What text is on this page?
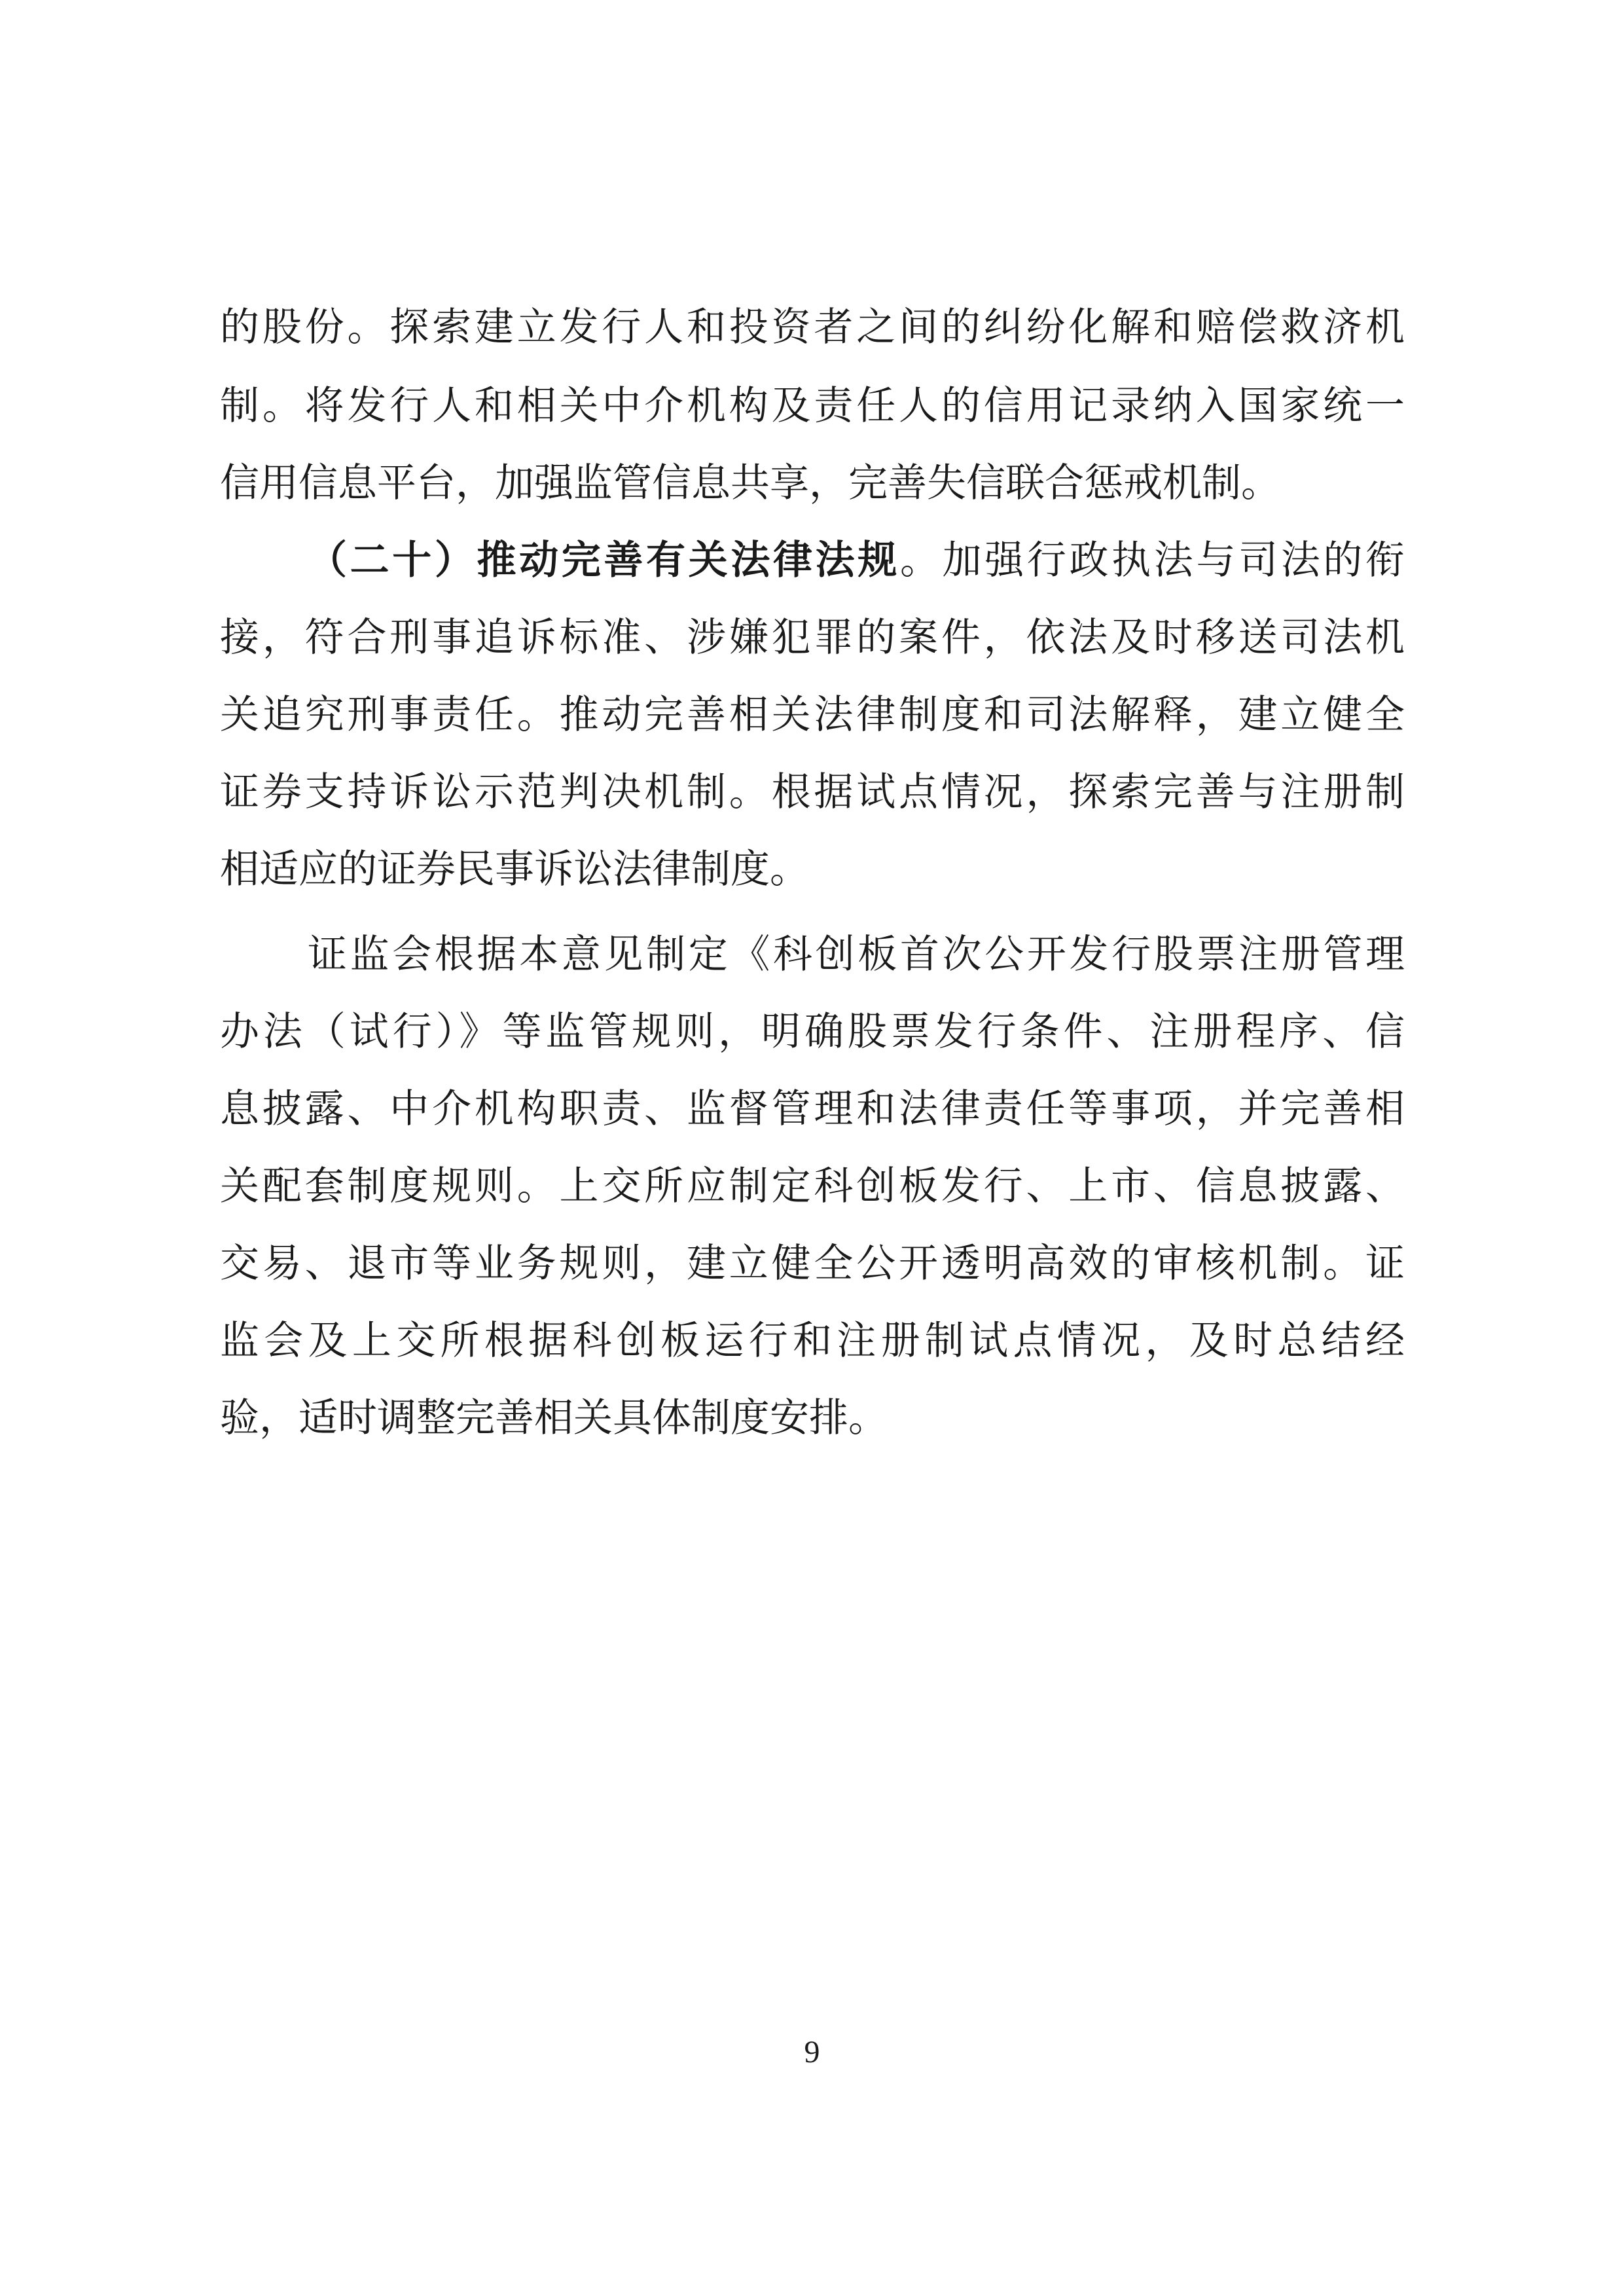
的股份。探索建立发行人和投资者之间的纠纷化解和赔偿救济机
制。将发行人和相关中介机构及责任人的信用记录纳入国家统一
信用信息平台，加强监管信息共享，完善失信联合惩戒机制。
（二十）推动完善有关法律法规。加强行政执法与司法的衔
接，符合刑事追诉标准、涉嫌犯罪的案件，依法及时移送司法机
关追究刑事责任。推动完善相关法律制度和司法解释，建立健全
证券支持诉讼示范判决机制。根据试点情况，探索完善与注册制
相适应的证券民事诉讼法律制度。
证监会根据本意见制定《科创板首次公开发行股票注册管理
办法（试行）》等监管规则，明确股票发行条件、注册程序、信
息披露、中介机构职责、监督管理和法律责任等事项，并完善相
关配套制度规则。上交所应制定科创板发行、上市、信息披露、
交易、退市等业务规则，建立健全公开透明高效的审核机制。证
监会及上交所根据科创板运行和注册制试点情况，及时总结经
验，适时调整完善相关具体制度安排。
9
